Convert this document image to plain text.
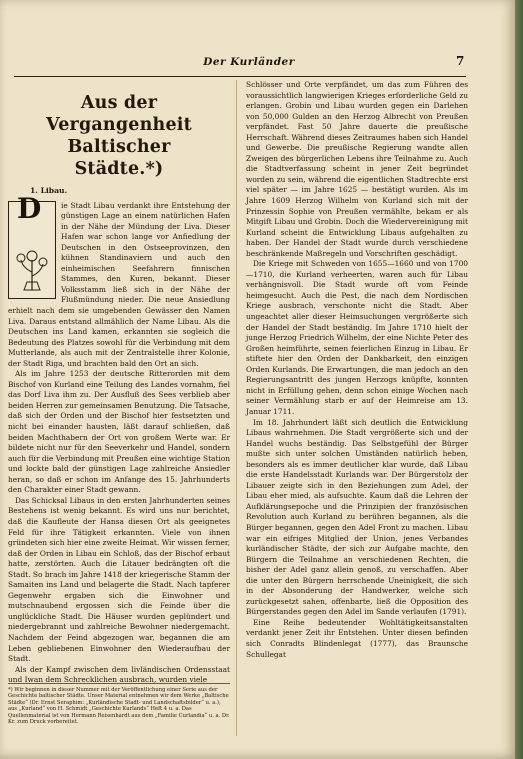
Der Kurländer	7
Aus der Vergangenheit Baltischer
Städte.*)
1. Libau.
D	ie Stadt Libau verdankt ihre Entstehung der günstigen Lage an einem natürlichen Hafen in der Nähe der Mündung der Liva. Dieser Hafen war schon lange vor Anfiedlung der Deutschen in den Ostseeprovinzen, den kühnen Standinaviern und auch den einheimischen Seefahrern finnischen Stammes, den Kuren, bekannt. Dieser Volksstamm ließ sich in der Nähe der Flußmündung nieder. Die neue Ansiedlung erhielt nach dem sie umgebenden Gewässer den Namen Liva. Daraus entstand allmählich der Name Libau. Als die Deutschen ins Land kamen, erkannten sie sogleich die Bedeutung des Platzes sowohl für die Verbindung mit dem Mutterlande, als auch mit der Zentralstelle ihrer Kolonie, der Stadt Riga, und brachten bald den Ort an sich.

Als im Jahre 1253 der deutsche Ritterorden mit dem Bischof von Kurland eine Teilung des Landes vornahm, fiel das Dorf Liva ihm zu. Der Ausfluß des Sees verblieb aber beiden Herren zur gemeinsamen Benutzung. Die Tatsache, daß sich der Orden und der Bischof hier festsetzten und nicht bei einander hausten, läßt darauf schließen, daß beiden Machthabern der Ort von großem Werte war. Er bildete nicht nur für den Seeverkehr und Handel, sondern auch für die Verbindung mit Preußen eine wichtige Station und lockte bald der günstigen Lage zahlreiche Ansiedler heran, so daß er schon im Anfange des 15. Jahrhunderts den Charakter einer Stadt gewann.

Das Schicksal Libaus in den ersten Jahrhunderten seines Bestehens ist wenig bekannt. Es wird uns nur berichtet, daß die Kaufleute der Hansa diesen Ort als geeignetes Feld für ihre Tätigkeit erkannten. Viele von ihnen gründeten sich hier eine zweite Heimat. Wir wissen ferner, daß der Orden in Libau ein Schloß, das der Bischof erbaut hatte, zerstörten. Auch die Litauer bedrängten oft die Stadt. So brach im Jahre 1418 der kriegerische Stamm der Samaiten ins Land und belagerte die Stadt. Nach tapferer Gegenwehr ergaben sich die Einwohner und mutschnaubend ergossen sich die Feinde über die unglückliche Stadt. Die Häuser wurden geplündert und niedergebrannt und zahlreiche Bewohner niedergemacht. Nachdem der Feind abgezogen war, begannen die am Leben gebliebenen Einwohner den Wiederaufbau der Stadt.

Als der Kampf zwischen dem livländischen Ordensstaat und Iwan dem Schrecklichen ausbrach, wurden viele

*) Wir beginnen in dieser Nummer mit der Veröffentlichung einer Serie aus der Geschichte baltischer Städte. Unser Material entnehmen wir dem Werke „Baltische Städte“ (Dr. Ernst Seraphim: „Kurländische Stadt- und Landschaftsbilder“ u. a.), aus „Kurland“ von H. Schmidt „Geschichte Kurlands“ Heft 4 u. a. Das Quellenmaterial ist von Hermann Reisenhardt aus dem „Familie Curlandia“ u. a. Dr. Kr. zum Druck vorbereitet.

Schlösser und Orte verpfändet, um das zum Führen des voraussichtlich langwierigen Krieges erforderliche Geld zu erlangen. Grobin und Libau wurden gegen ein Darlehen von 50,000 Gulden an den Herzog Albrecht von Preußen verpfändet. Fast 50 Jahre dauerte die preußische Herrschaft. Während dieses Zeitraumes haben sich Handel und Gewerbe. Die preußische Regierung wandte allen Zweigen des bürgerlichen Lebens ihre Teilnahme zu. Auch die Stadtverfassung scheint in jener Zeit begründet worden zu sein, während die eigentlichen Stadtrechte erst viel später — im Jahre 1625 — bestätigt wurden. Als im Jahre 1609 Herzog Wilhelm von Kurland sich mit der Prinzessin Sophie von Preußen vermählte, bekam er als Mitgift Libau und Grobin. Doch die Wiedervereinigung mit Kurland scheint die Entwicklung Libaus aufgehalten zu haben. Der Handel der Stadt wurde durch verschiedene beschränkende Maßregeln und Vorschriften geschädigt.

Die Kriege mit Schweden von 1655—1660 und von 1700—1710, die Kurland verheerten, waren auch für Libau verhängnisvoll. Die Stadt wurde oft vom Feinde heimgesucht. Auch die Pest, die nach dem Nordischen Kriege ausbrach, verschonte nicht die Stadt. Aber ungeachtet aller dieser Heimsuchungen vergrößerte sich der Handel der Stadt beständig. Im Jahre 1710 hielt der junge Herzog Friedrich Wilhelm, der eine Nichte Peter des Großen heimführte, seinen feierlichen Einzug in Libau. Er stiftete hier den Orden der Dankbarkeit, den einzigen Orden Kurlands. Die Erwartungen, die man jedoch an den Regierungsantritt des jungen Herzogs knüpfte, konnten nicht in Erfüllung gehen, denn schon einige Wochen nach seiner Vermählung starb er auf der Heimreise am 13. Januar 1711.

Im 18. Jahrhundert läßt sich deutlich die Entwicklung Libaus wahrnehmen. Die Stadt vergrößerte sich und der Handel wuchs beständig. Das Selbstgefühl der Bürger mußte sich unter solchen Umständen natürlich heben, besonders als es immer deutlicher klar wurde, daß Libau die erste Handelsstadt Kurlands war. Der Bürgerstolz der Libauer zeigte sich in den Beziehungen zum Adel, der Libau eher mied, als aufsuchte. Kaum daß die Lehren der Aufklärungsepoche und die Prinzipien der französischen Revolution auch Kurland zu berühren begannen, als die Bürger begannen, gegen den Adel Front zu machen. Libau war ein eifriges Mitglied der Union, jenes Verbandes kurländischer Städte, der sich zur Aufgabe machte, den Bürgern die Teilnahme an verschiedenen Rechten, die bisher der Adel ganz allein genoß, zu verschaffen. Aber die unter den Bürgern herrschende Uneinigkeit, die sich in der Absonderung der Handwerker, welche sich zurückgesetzt sahen, offenbarte, ließ die Opposition des Bürgerstandes gegen den Adel im Sande verlaufen (1791).

Eine Reihe bedeutender Wohltätigkeitsanstalten verdankt jener Zeit ihr Entstehen. Unter diesen befinden sich Conradts Blindenlegat (1777), das Braunsche Schullegat
